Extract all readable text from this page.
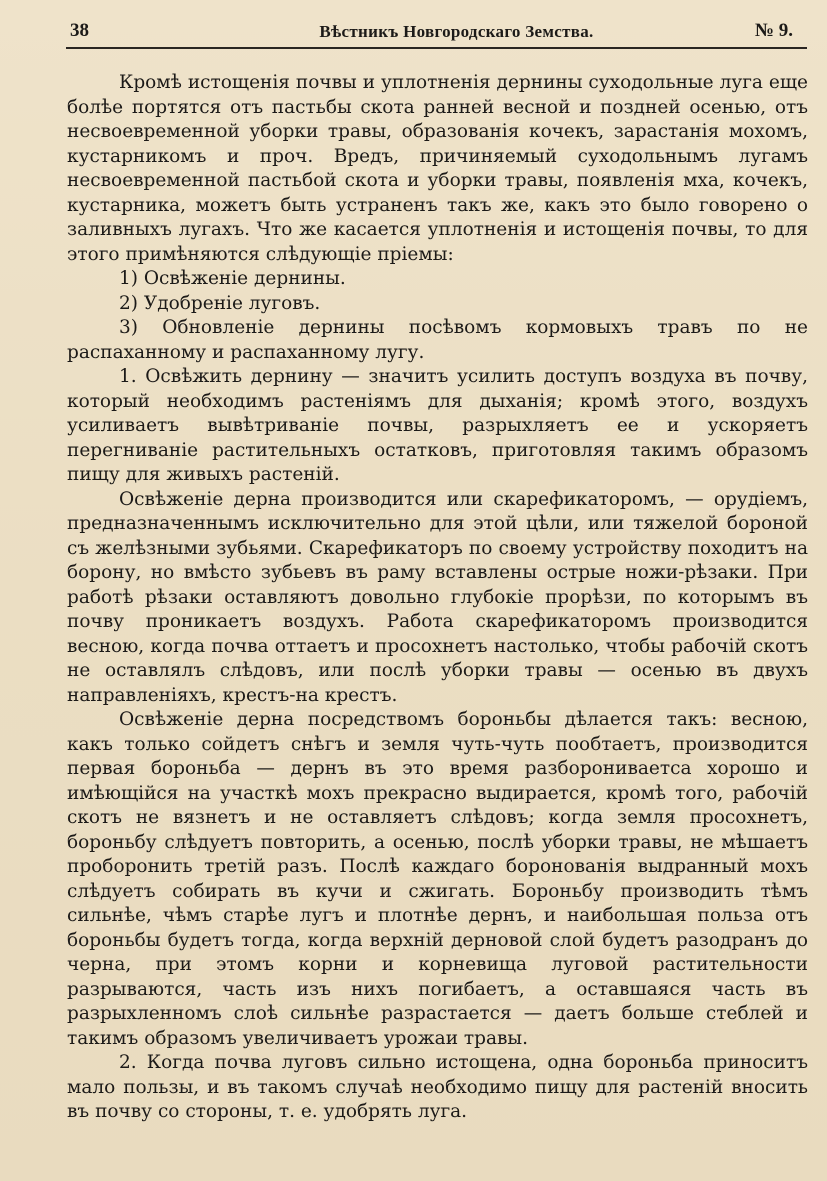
38	Вѣстникъ Новгородскаго Земства.	№ 9.

Кромѣ истощенія почвы и уплотненія дернины суходольные луга еще болѣе портятся отъ пастьбы скота ранней весной и поздней осенью, отъ несвоевременной уборки травы, образованія кочекъ, зарастанія мохомъ, кустарникомъ и проч. Вредъ, причиняемый суходольнымъ лугамъ несвоевременной пастьбой скота и уборки травы, появленія мха, кочекъ, кустарника, можетъ быть устраненъ такъ же, какъ это было говорено о заливныхъ лугахъ. Что же касается уплотненія и истощенія почвы, то для этого примѣняются слѣдующіе пріемы:

1) Освѣженіе дернины.

2) Удобреніе луговъ.

3) Обновленіе дернины посѣвомъ кормовыхъ травъ по не распаханному и распаханному лугу.

1. Освѣжить дернину — значитъ усилить доступъ воздуха въ почву, который необходимъ растеніямъ для дыханія; кромѣ этого, воздухъ усиливаетъ вывѣтриваніе почвы, разрыхляетъ ее и ускоряетъ перегниваніе растительныхъ остатковъ, приготовляя такимъ образомъ пищу для живыхъ растеній.

Освѣженіе дерна производится или скарефикаторомъ, — орудіемъ, предназначеннымъ исключительно для этой цѣли, или тяжелой бороной съ желѣзными зубьями. Скарефикаторъ по своему устройству походитъ на борону, но вмѣсто зубьевъ въ раму вставлены острые ножи-рѣзаки. При работѣ рѣзаки оставляютъ довольно глубокіе прорѣзи, по которымъ въ почву проникаетъ воздухъ. Работа скарефикаторомъ производится весною, когда почва оттаетъ и просохнетъ настолько, чтобы рабочій скотъ не оставлялъ слѣдовъ, или послѣ уборки травы — осенью въ двухъ направленіяхъ, крестъ-на крестъ.

Освѣженіе дерна посредствомъ бороньбы дѣлается такъ: весною, какъ только сойдетъ снѣгъ и земля чуть-чуть пообтаетъ, производится первая бороньба — дернъ въ это время разборониваетса хорошо и имѣющійся на участкѣ мохъ прекрасно выдирается, кромѣ того, рабочій скотъ не вязнетъ и не оставляетъ слѣдовъ; когда земля просохнетъ, бороньбу слѣдуетъ повторить, а осенью, послѣ уборки травы, не мѣшаетъ проборонить третій разъ. Послѣ каждаго боронованія выдранный мохъ слѣдуетъ собирать въ кучи и сжигать. Бороньбу производить тѣмъ сильнѣе, чѣмъ старѣе лугъ и плотнѣе дернъ, и наибольшая польза отъ бороньбы будетъ тогда, когда верхній дерновой слой будетъ разодранъ до черна, при этомъ корни и корневища луговой растительности разрываются, часть изъ нихъ погибаетъ, а оставшаяся часть въ разрыхленномъ слоѣ сильнѣе разрастается — даетъ больше стеблей и такимъ образомъ увеличиваетъ урожаи травы.

2. Когда почва луговъ сильно истощена, одна бороньба приноситъ мало пользы, и въ такомъ случаѣ необходимо пищу для растеній вносить въ почву со стороны, т. е. удобрять луга.
